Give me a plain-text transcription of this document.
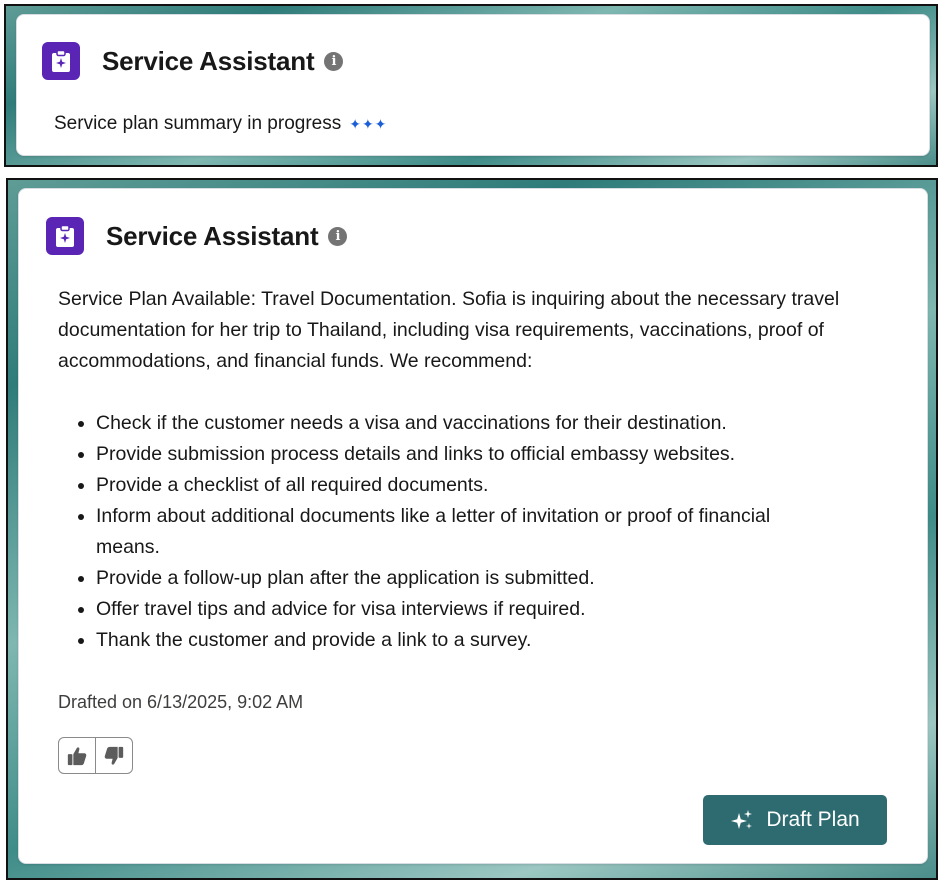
Service Assistant	i
Service plan summary in progress ✦✦✦
Service Assistant	i

Service Plan Available: Travel Documentation. Sofia is inquiring about the necessary travel documentation for her trip to Thailand, including visa requirements, vaccinations, proof of accommodations, and financial funds. We recommend:

• Check if the customer needs a visa and vaccinations for their destination.
• Provide submission process details and links to official embassy websites.
• Provide a checklist of all required documents.
• Inform about additional documents like a letter of invitation or proof of financial means.
• Provide a follow-up plan after the application is submitted.
• Offer travel tips and advice for visa interviews if required.
• Thank the customer and provide a link to a survey.
Drafted on 6/13/2025, 9:02 AM
Draft Plan
